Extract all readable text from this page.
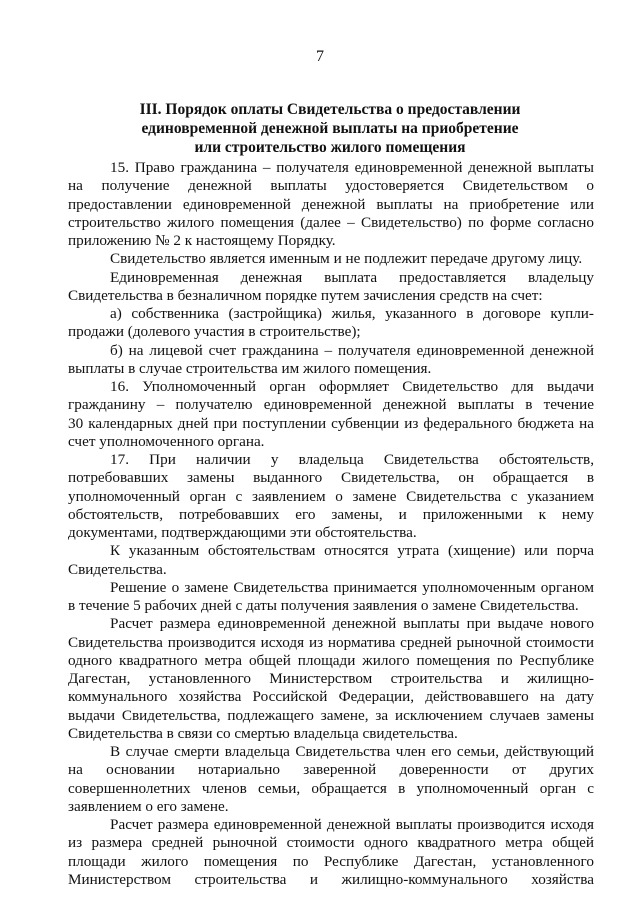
7
III. Порядок оплаты Свидетельства о предоставлении
единовременной денежной выплаты на приобретение
или строительство жилого помещения
15. Право гражданина – получателя единовременной денежной выплаты
на получение денежной выплаты удостоверяется Свидетельством о
предоставлении единовременной денежной выплаты на приобретение или
строительство жилого помещения (далее – Свидетельство) по форме согласно
приложению № 2 к настоящему Порядку.
Свидетельство является именным и не подлежит передаче другому лицу.
Единовременная денежная выплата предоставляется владельцу
Свидетельства в безналичном порядке путем зачисления средств на счет:
а) собственника (застройщика) жилья, указанного в договоре купли-
продажи (долевого участия в строительстве);
б) на лицевой счет гражданина – получателя единовременной денежной
выплаты в случае строительства им жилого помещения.
16. Уполномоченный орган оформляет Свидетельство для выдачи
гражданину – получателю единовременной денежной выплаты в течение
30 календарных дней при поступлении субвенции из федерального бюджета на
счет уполномоченного органа.
17. При наличии у владельца Свидетельства обстоятельств,
потребовавших замены выданного Свидетельства, он обращается в
уполномоченный орган с заявлением о замене Свидетельства с указанием
обстоятельств, потребовавших его замены, и приложенными к нему
документами, подтверждающими эти обстоятельства.
К указанным обстоятельствам относятся утрата (хищение) или порча
Свидетельства.
Решение о замене Свидетельства принимается уполномоченным органом
в течение 5 рабочих дней с даты получения заявления о замене Свидетельства.
Расчет размера единовременной денежной выплаты при выдаче нового
Свидетельства производится исходя из норматива средней рыночной стоимости
одного квадратного метра общей площади жилого помещения по Республике
Дагестан, установленного Министерством строительства и жилищно-
коммунального хозяйства Российской Федерации, действовавшего на дату
выдачи Свидетельства, подлежащего замене, за исключением случаев замены
Свидетельства в связи со смертью владельца свидетельства.
В случае смерти владельца Свидетельства член его семьи, действующий
на основании нотариально заверенной доверенности от других
совершеннолетних членов семьи, обращается в уполномоченный орган с
заявлением о его замене.
Расчет размера единовременной денежной выплаты производится исходя
из размера средней рыночной стоимости одного квадратного метра общей
площади жилого помещения по Республике Дагестан, установленного
Министерством строительства и жилищно-коммунального хозяйства
